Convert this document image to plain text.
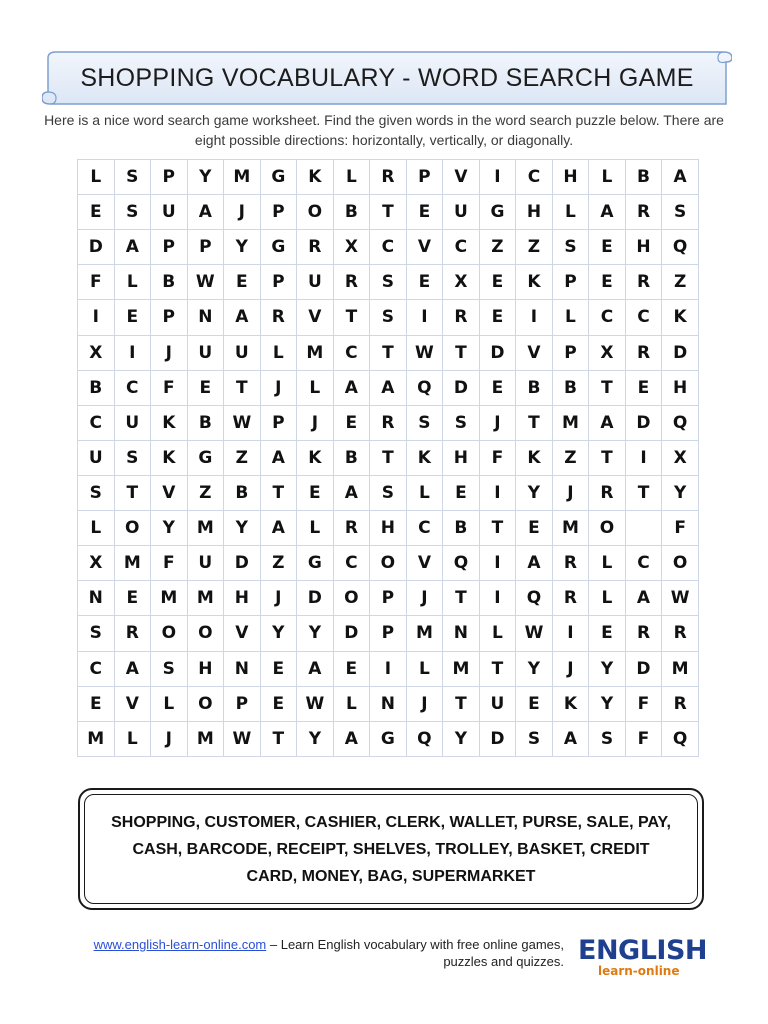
SHOPPING VOCABULARY - WORD SEARCH GAME
Here is a nice word search game worksheet. Find the given words in the word search puzzle below. There are eight possible directions: horizontally, vertically, or diagonally.
L	S	P	Y	M	G	K	L	R	P	V	I	C	H	L	B	A
E	S	U	A	J	P	O	B	T	E	U	G	H	L	A	R	S
D	A	P	P	Y	G	R	X	C	V	C	Z	Z	S	E	H	Q
F	L	B	W	E	P	U	R	S	E	X	E	K	P	E	R	Z
I	E	P	N	A	R	V	T	S	I	R	E	I	L	C	C	K
X	I	J	U	U	L	M	C	T	W	T	D	V	P	X	R	D
B	C	F	E	T	J	L	A	A	Q	D	E	B	B	T	E	H
C	U	K	B	W	P	J	E	R	S	S	J	T	M	A	D	Q
U	S	K	G	Z	A	K	B	T	K	H	F	K	Z	T	I	X
S	T	V	Z	B	T	E	A	S	L	E	I	Y	J	R	T	Y
L	O	Y	M	Y	A	L	R	H	C	B	T	E	M	O		F
X	M	F	U	D	Z	G	C	O	V	Q	I	A	R	L	C	O
N	E	M	M	H	J	D	O	P	J	T	I	Q	R	L	A	W
S	R	O	O	V	Y	Y	D	P	M	N	L	W	I	E	R	R
C	A	S	H	N	E	A	E	I	L	M	T	Y	J	Y	D	M
E	V	L	O	P	E	W	L	N	J	T	U	E	K	Y	F	R
M	L	J	M	W	T	Y	A	G	Q	Y	D	S	A	S	F	Q
SHOPPING, CUSTOMER, CASHIER, CLERK, WALLET, PURSE, SALE, PAY, CASH, BARCODE, RECEIPT, SHELVES, TROLLEY, BASKET, CREDIT CARD, MONEY, BAG, SUPERMARKET
www.english-learn-online.com – Learn English vocabulary with free online games, puzzles and quizzes. ENGLISH
learn-online
